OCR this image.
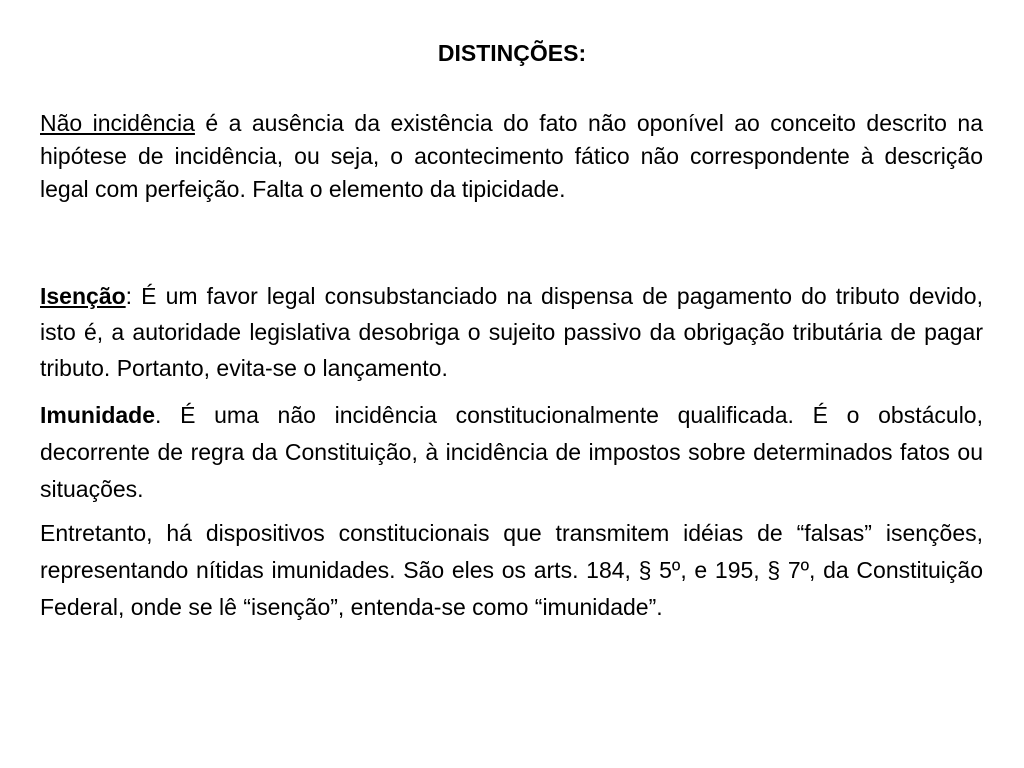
DISTINÇÕES:

Não incidência é a ausência da existência do fato não oponível ao conceito descrito na hipótese de incidência, ou seja, o acontecimento fático não correspondente à descrição legal com perfeição. Falta o elemento da tipicidade.

Isenção: É um favor legal consubstanciado na dispensa de pagamento do tributo devido, isto é, a autoridade legislativa desobriga o sujeito passivo da obrigação tributária de pagar tributo. Portanto, evita-se o lançamento.

Imunidade. É uma não incidência constitucionalmente qualificada. É o obstáculo, decorrente de regra da Constituição, à incidência de impostos sobre determinados fatos ou situações.

Entretanto, há dispositivos constitucionais que transmitem idéias de “falsas” isenções, representando nítidas imunidades. São eles os arts. 184, § 5º, e 195, § 7º, da Constituição Federal, onde se lê “isenção”, entenda-se como “imunidade”.
